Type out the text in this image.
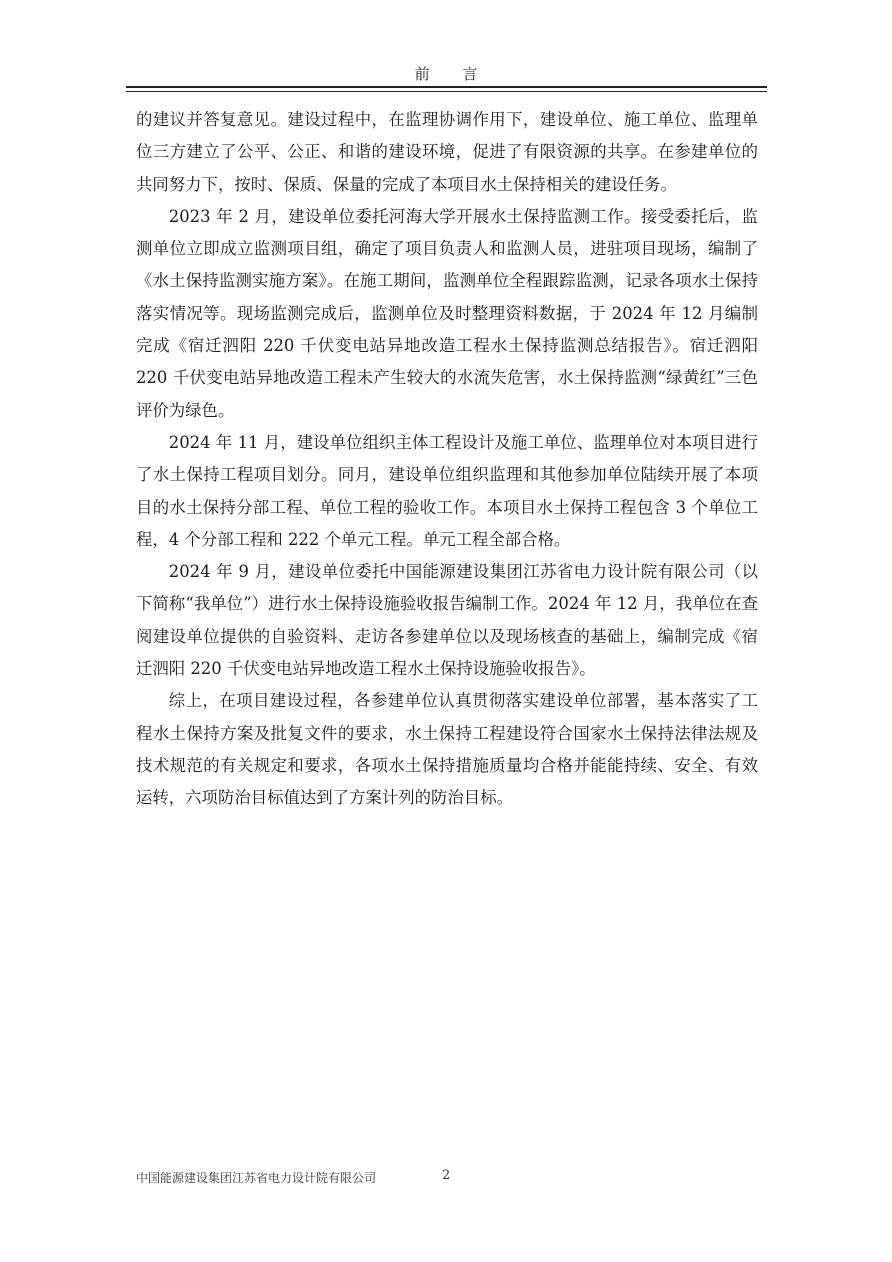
前 言

的建议并答复意见。建设过程中，在监理协调作用下，建设单位、施工单位、监理单位三方建立了公平、公正、和谐的建设环境，促进了有限资源的共享。在参建单位的共同努力下，按时、保质、保量的完成了本项目水土保持相关的建设任务。

2023 年 2 月，建设单位委托河海大学开展水土保持监测工作。接受委托后，监测单位立即成立监测项目组，确定了项目负责人和监测人员，进驻项目现场，编制了《水土保持监测实施方案》。在施工期间，监测单位全程跟踪监测，记录各项水土保持落实情况等。现场监测完成后，监测单位及时整理资料数据，于 2024 年 12 月编制完成《宿迁泗阳 220 千伏变电站异地改造工程水土保持监测总结报告》。宿迁泗阳 220 千伏变电站异地改造工程未产生较大的水流失危害，水土保持监测“绿黄红”三色评价为绿色。

2024 年 11 月，建设单位组织主体工程设计及施工单位、监理单位对本项目进行了水土保持工程项目划分。同月，建设单位组织监理和其他参加单位陆续开展了本项目的水土保持分部工程、单位工程的验收工作。本项目水土保持工程包含 3 个单位工程，4 个分部工程和 222 个单元工程。单元工程全部合格。

2024 年 9 月，建设单位委托中国能源建设集团江苏省电力设计院有限公司（以下简称“我单位”）进行水土保持设施验收报告编制工作。2024 年 12 月，我单位在查阅建设单位提供的自验资料、走访各参建单位以及现场核查的基础上，编制完成《宿迁泗阳 220 千伏变电站异地改造工程水土保持设施验收报告》。

综上，在项目建设过程，各参建单位认真贯彻落实建设单位部署，基本落实了工程水土保持方案及批复文件的要求，水土保持工程建设符合国家水土保持法律法规及技术规范的有关规定和要求，各项水土保持措施质量均合格并能能持续、安全、有效运转，六项防治目标值达到了方案计列的防治目标。

中国能源建设集团江苏省电力设计院有限公司	2
